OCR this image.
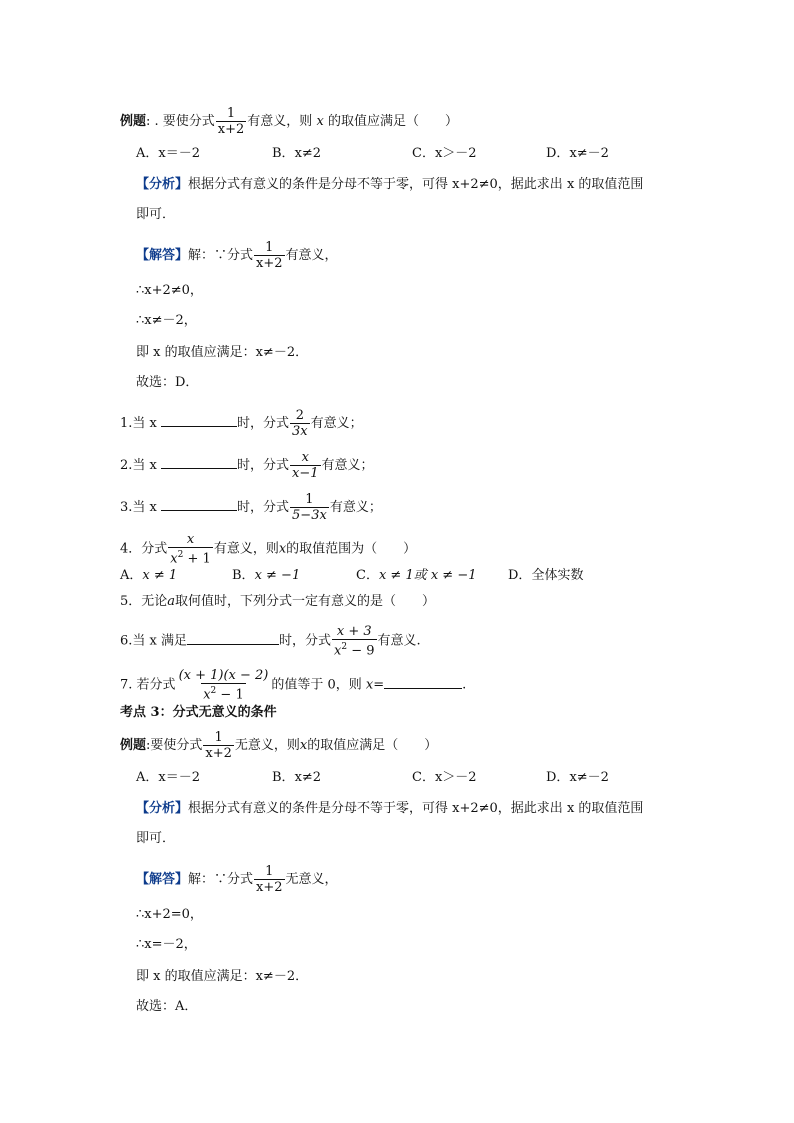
例题: . 要使分式 $\frac{1}{x+2}$ 有意义，则 x 的取值应满足（　　）
A．x＝－2	B．x≠2	C．x＞－2	D．x≠－2
【分析】根据分式有意义的条件是分母不等于零，可得 x+2≠0，据此求出 x 的取值范围
即可．
【解答】解：∵分式 $\frac{1}{x+2}$ 有意义，
∴x+2≠0，
∴x≠－2，
即 x 的取值应满足：x≠－2．
故选：D．
1.当 x	时，分式 $\frac{2}{3x}$ 有意义；
2.当 x	时，分式 $\frac{x}{x-1}$ 有意义；
3.当 x	时，分式 $\frac{1}{5-3x}$ 有意义；
4．分式 $\frac{x}{x^2 + 1}$ 有意义，则x的取值范围为（　　）
A．x ≠ 1	B．x ≠ −1	C．x ≠ 1或 x ≠ −1 D．全体实数
5．无论a取何值时，下列分式一定有意义的是（　　）
6.当 x 满足	时，分式 $\frac{x + 3}{x^2 - 9}$ 有意义.
7. 若分式 $\frac{(x + 1)(x - 2)}{x^2 - 1}$ 的值等于 0，则 x=	.
考点 3：分式无意义的条件
例题:要使分式 $\frac{1}{x+2}$ 无意义，则x的取值应满足（　　）
A．x＝－2	B．x≠2	C．x＞－2	D．x≠－2
【分析】根据分式有意义的条件是分母不等于零，可得 x+2≠0，据此求出 x 的取值范围
即可．
【解答】解：∵分式 $\frac{1}{x+2}$ 无意义，
∴x+2=0，
∴x=－2，
即 x 的取值应满足：x≠－2．
故选：A．
